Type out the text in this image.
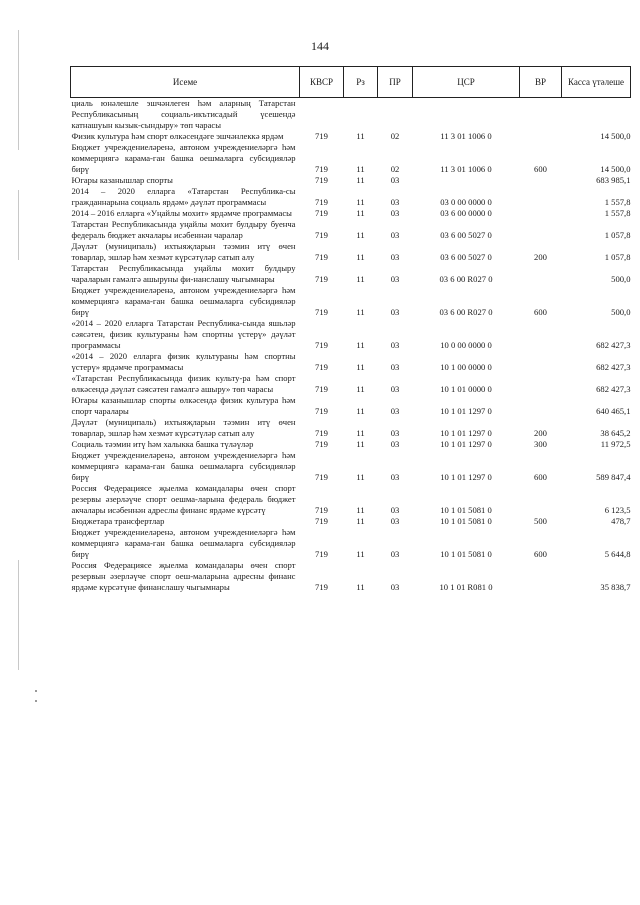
144
Исеме	КВСР	Рз	ПР	ЦСР	ВР	Касса үтәлеше
циаль юнәлешле эшчәнлеген һәм аларның Татарстан Республикасының социаль-икътисадый үсешендә катнашуын кызык-сындыру» төп чарасы						
Физик культура һәм спорт өлкәсендәге эшчәнлеккә ярдәм	719	11	02	11 3 01 1006 0		14 500,0
Бюджет учреждениеләренә, автоном учреждениеләргә һәм коммерциягә карама-ган башка оешмаларга субсидияләр бирү	719	11	02	11 3 01 1006 0	600	14 500,0
Югары казанышлар спорты	719	11	03			683 985,1
2014 – 2020 елларга «Татарстан Республика-сы гражданнарына социаль ярдәм» дәүләт программасы	719	11	03	03 0 00 0000 0		1 557,8
2014 – 2016 елларга «Уңайлы мохит» ярдәмче программасы	719	11	03	03 6 00 0000 0		1 557,8
Татарстан Республикасында уңайлы мохит булдыру буенча федераль бюджет акчалары исәбеннән чаралар	719	11	03	03 6 00 5027 0		1 057,8
Дәүләт (муниципаль) ихтыяҗларын тәэмин итү өчен товарлар, эшләр һәм хезмәт күрсәтүләр сатып алу	719	11	03	03 6 00 5027 0	200	1 057,8
Татарстан Республикасында уңайлы мохит булдыру чараларын гамәлгә ашыруны фи-нанслашу чыгымнары	719	11	03	03 6 00 R027 0		500,0
Бюджет учреждениеләренә, автоном учреждениеләргә һәм коммерциягә карама-ган башка оешмаларга субсидияләр бирү	719	11	03	03 6 00 R027 0	600	500,0
«2014 – 2020 елларга Татарстан Республика-сында яшьләр сәясәтен, физик культураны һәм спортны үстерү» дәүләт программасы	719	11	03	10 0 00 0000 0		682 427,3
«2014 – 2020 елларга физик культураны һәм спортны үстерү» ярдәмче программасы	719	11	03	10 1 00 0000 0		682 427,3
«Татарстан Республикасында физик культу-ра һәм спорт өлкәсендә дәүләт сәясәтен гамәлгә ашыру» төп чарасы	719	11	03	10 1 01 0000 0		682 427,3
Югары казанышлар спорты өлкәсендә физик культура һәм спорт чаралары	719	11	03	10 1 01 1297 0		640 465,1
Дәүләт (муниципаль) ихтыяҗларын тәэмин итү өчен товарлар, эшләр һәм хезмәт күрсәтүләр сатып алу	719	11	03	10 1 01 1297 0	200	38 645,2
Социаль тәэмин итү һәм халыкка башка түләүләр	719	11	03	10 1 01 1297 0	300	11 972,5
Бюджет учреждениеләренә, автоном учреждениеләргә һәм коммерциягә карама-ган башка оешмаларга субсидияләр бирү	719	11	03	10 1 01 1297 0	600	589 847,4
Россия Федерациясе җыелма командалары өчен спорт резервы әзерләүче спорт оешма-ларына федераль бюджет акчалары исәбеннән адреслы финанс ярдәме күрсәтү	719	11	03	10 1 01 5081 0		6 123,5
Бюджетара трансфертлар	719	11	03	10 1 01 5081 0	500	478,7
Бюджет учреждениеләренә, автоном учреждениеләргә һәм коммерциягә карама-ган башка оешмаларга субсидияләр бирү	719	11	03	10 1 01 5081 0	600	5 644,8
Россия Федерациясе җыелма командалары өчен спорт резервын әзерләүче спорт оеш-маларына адресны финанс ярдәме күрсәтүне финанслашу чыгымнары	719	11	03	10 1 01 R081 0		35 838,7
